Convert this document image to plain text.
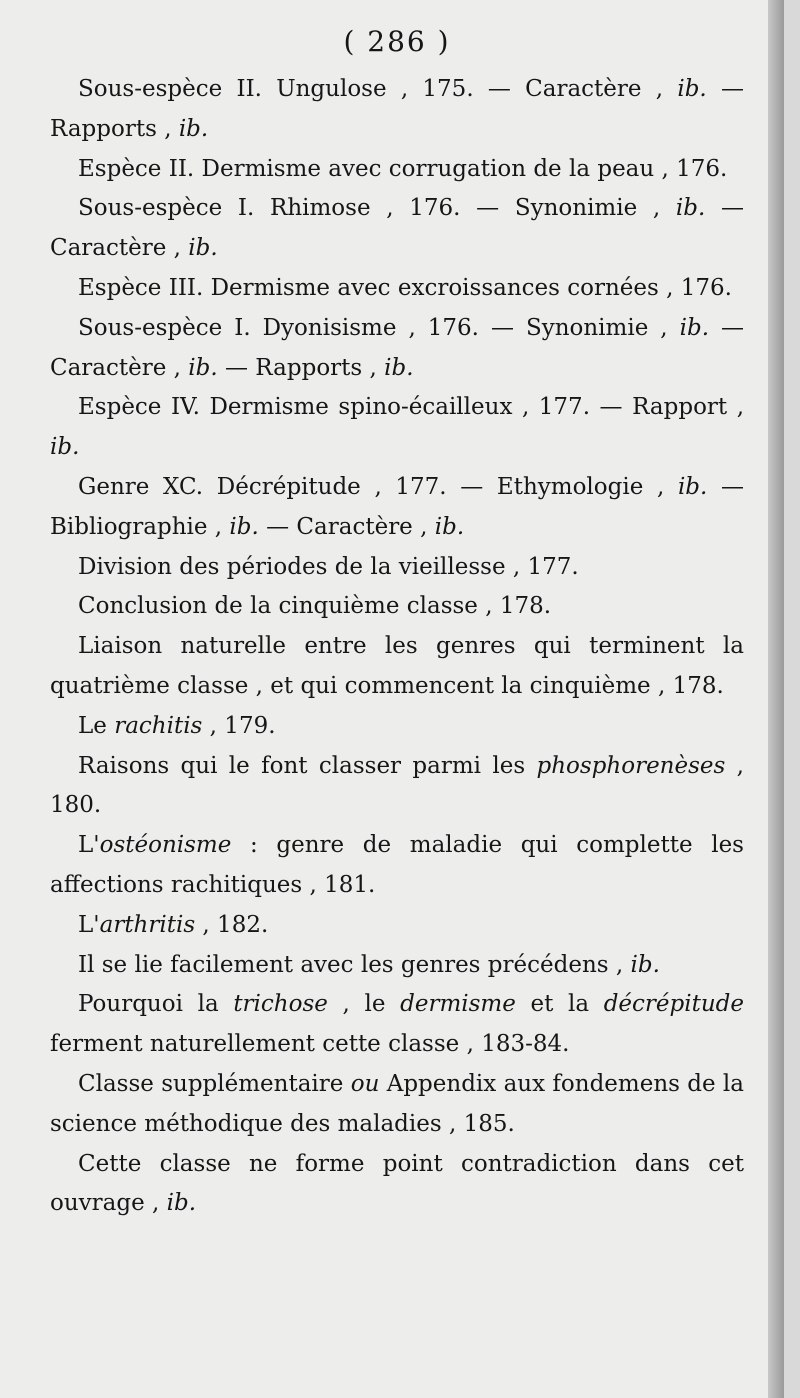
( 286 )

Sous-espèce II. Ungulose , 175. — Caractère , ib. — Rapports , ib.

Espèce II. Dermisme avec corrugation de la peau , 176.

Sous-espèce I. Rhimose , 176. — Synonimie , ib. — Caractère , ib.

Espèce III. Dermisme avec excroissances cornées , 176.

Sous-espèce I. Dyonisisme , 176. — Synonimie , ib. — Caractère , ib. — Rapports , ib.

Espèce IV. Dermisme spino-écailleux , 177. — Rapport , ib.

Genre XC. Décrépitude , 177. — Ethymologie , ib. — Bibliographie , ib. — Caractère , ib.

Division des périodes de la vieillesse , 177.

Conclusion de la cinquième classe , 178.

Liaison naturelle entre les genres qui terminent la quatrième classe , et qui commencent la cinquième , 178.

Le rachitis , 179.

Raisons qui le font classer parmi les phosphorenèses , 180.

L'ostéonisme : genre de maladie qui complette les affections rachitiques , 181.

L'arthritis , 182.

Il se lie facilement avec les genres précédens , ib.

Pourquoi la trichose , le dermisme et la décrépitude ferment naturellement cette classe , 183-84.

Classe supplémentaire ou Appendix aux fondemens de la science méthodique des maladies , 185.

Cette classe ne forme point contradiction dans cet ouvrage , ib.
